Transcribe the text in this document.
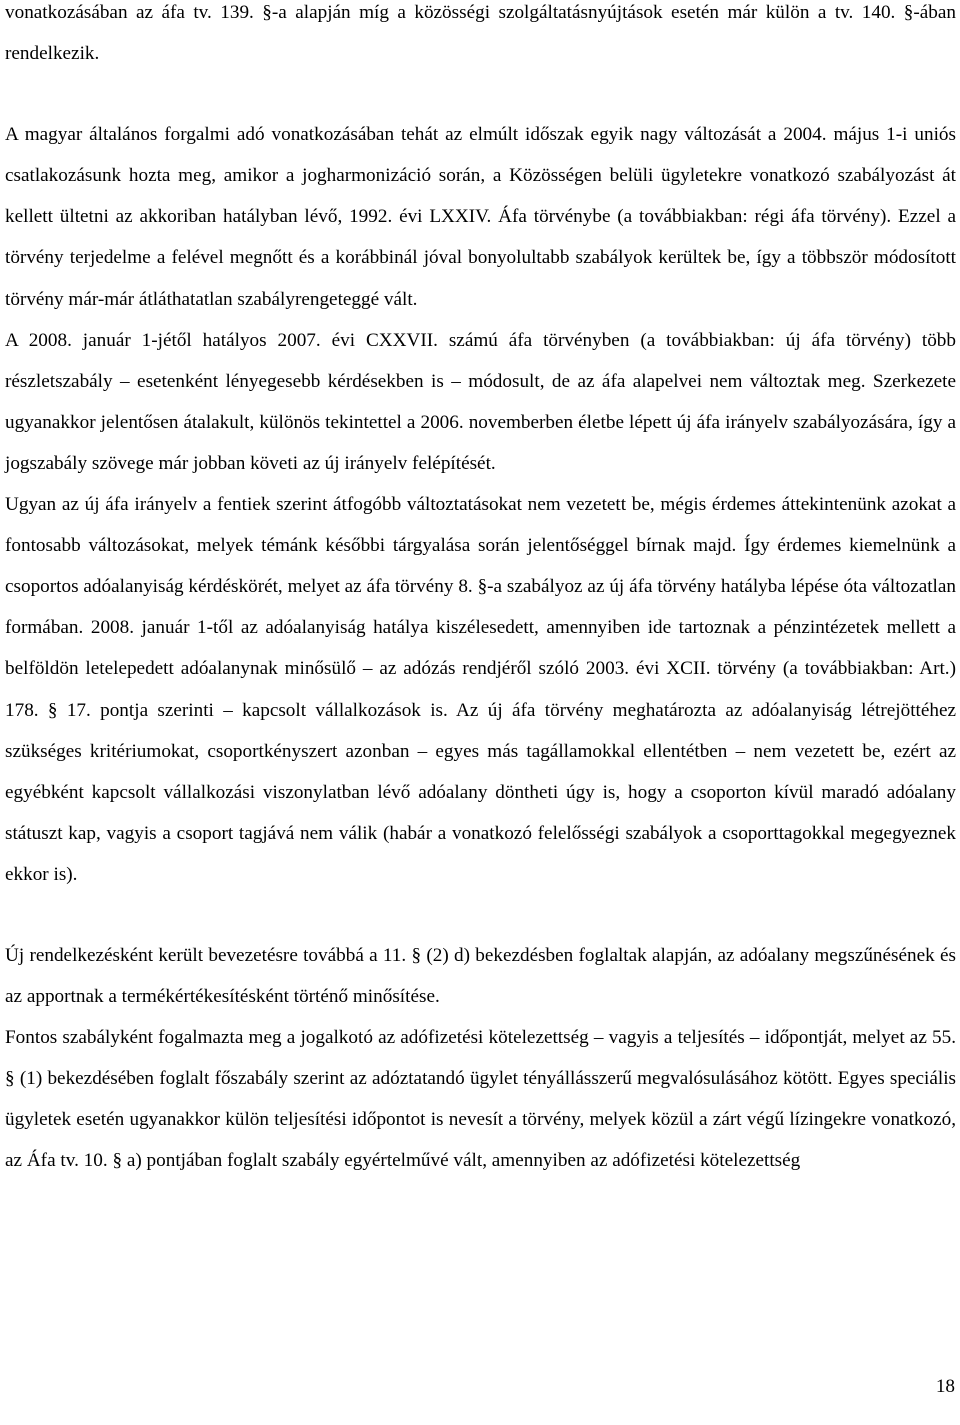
vonatkozásában az áfa tv. 139. §-a alapján míg a közösségi szolgáltatásnyújtások esetén már külön a tv. 140. §-ában rendelkezik.

A magyar általános forgalmi adó vonatkozásában tehát az elmúlt időszak egyik nagy változását a 2004. május 1-i uniós csatlakozásunk hozta meg, amikor a jogharmonizáció során, a Közösségen belüli ügyletekre vonatkozó szabályozást át kellett ültetni az akkoriban hatályban lévő, 1992. évi LXXIV. Áfa törvénybe (a továbbiakban: régi áfa törvény). Ezzel a törvény terjedelme a felével megnőtt és a korábbinál jóval bonyolultabb szabályok kerültek be, így a többször módosított törvény már-már átláthatatlan szabályrengeteggé vált.

A 2008. január 1-jétől hatályos 2007. évi CXXVII. számú áfa törvényben (a továbbiakban: új áfa törvény) több részletszabály – esetenként lényegesebb kérdésekben is – módosult, de az áfa alapelvei nem változtak meg. Szerkezete ugyanakkor jelentősen átalakult, különös tekintettel a 2006. novemberben életbe lépett új áfa irányelv szabályozására, így a jogszabály szövege már jobban követi az új irányelv felépítését.

Ugyan az új áfa irányelv a fentiek szerint átfogóbb változtatásokat nem vezetett be, mégis érdemes áttekintenünk azokat a fontosabb változásokat, melyek témánk későbbi tárgyalása során jelentőséggel bírnak majd. Így érdemes kiemelnünk a csoportos adóalanyiság kérdéskörét, melyet az áfa törvény 8. §-a szabályoz az új áfa törvény hatályba lépése óta változatlan formában. 2008. január 1-től az adóalanyiság hatálya kiszélesedett, amennyiben ide tartoznak a pénzintézetek mellett a belföldön letelepedett adóalanynak minősülő – az adózás rendjéről szóló 2003. évi XCII. törvény (a továbbiakban: Art.) 178. § 17. pontja szerinti – kapcsolt vállalkozások is. Az új áfa törvény meghatározta az adóalanyiság létrejöttéhez szükséges kritériumokat, csoportkényszert azonban – egyes más tagállamokkal ellentétben – nem vezetett be, ezért az egyébként kapcsolt vállalkozási viszonylatban lévő adóalany döntheti úgy is, hogy a csoporton kívül maradó adóalany státuszt kap, vagyis a csoport tagjává nem válik (habár a vonatkozó felelősségi szabályok a csoporttagokkal megegyeznek ekkor is).

Új rendelkezésként került bevezetésre továbbá a 11. § (2) d) bekezdésben foglaltak alapján, az adóalany megszűnésének és az apportnak a termékértékesítésként történő minősítése.

Fontos szabályként fogalmazta meg a jogalkotó az adófizetési kötelezettség – vagyis a teljesítés – időpontját, melyet az 55. § (1) bekezdésében foglalt főszabály szerint az adóztatandó ügylet tényállásszerű megvalósulásához kötött. Egyes speciális ügyletek esetén ugyanakkor külön teljesítési időpontot is nevesít a törvény, melyek közül a zárt végű lízingekre vonatkozó, az Áfa tv. 10. § a) pontjában foglalt szabály egyértelművé vált, amennyiben az adófizetési kötelezettség

18
